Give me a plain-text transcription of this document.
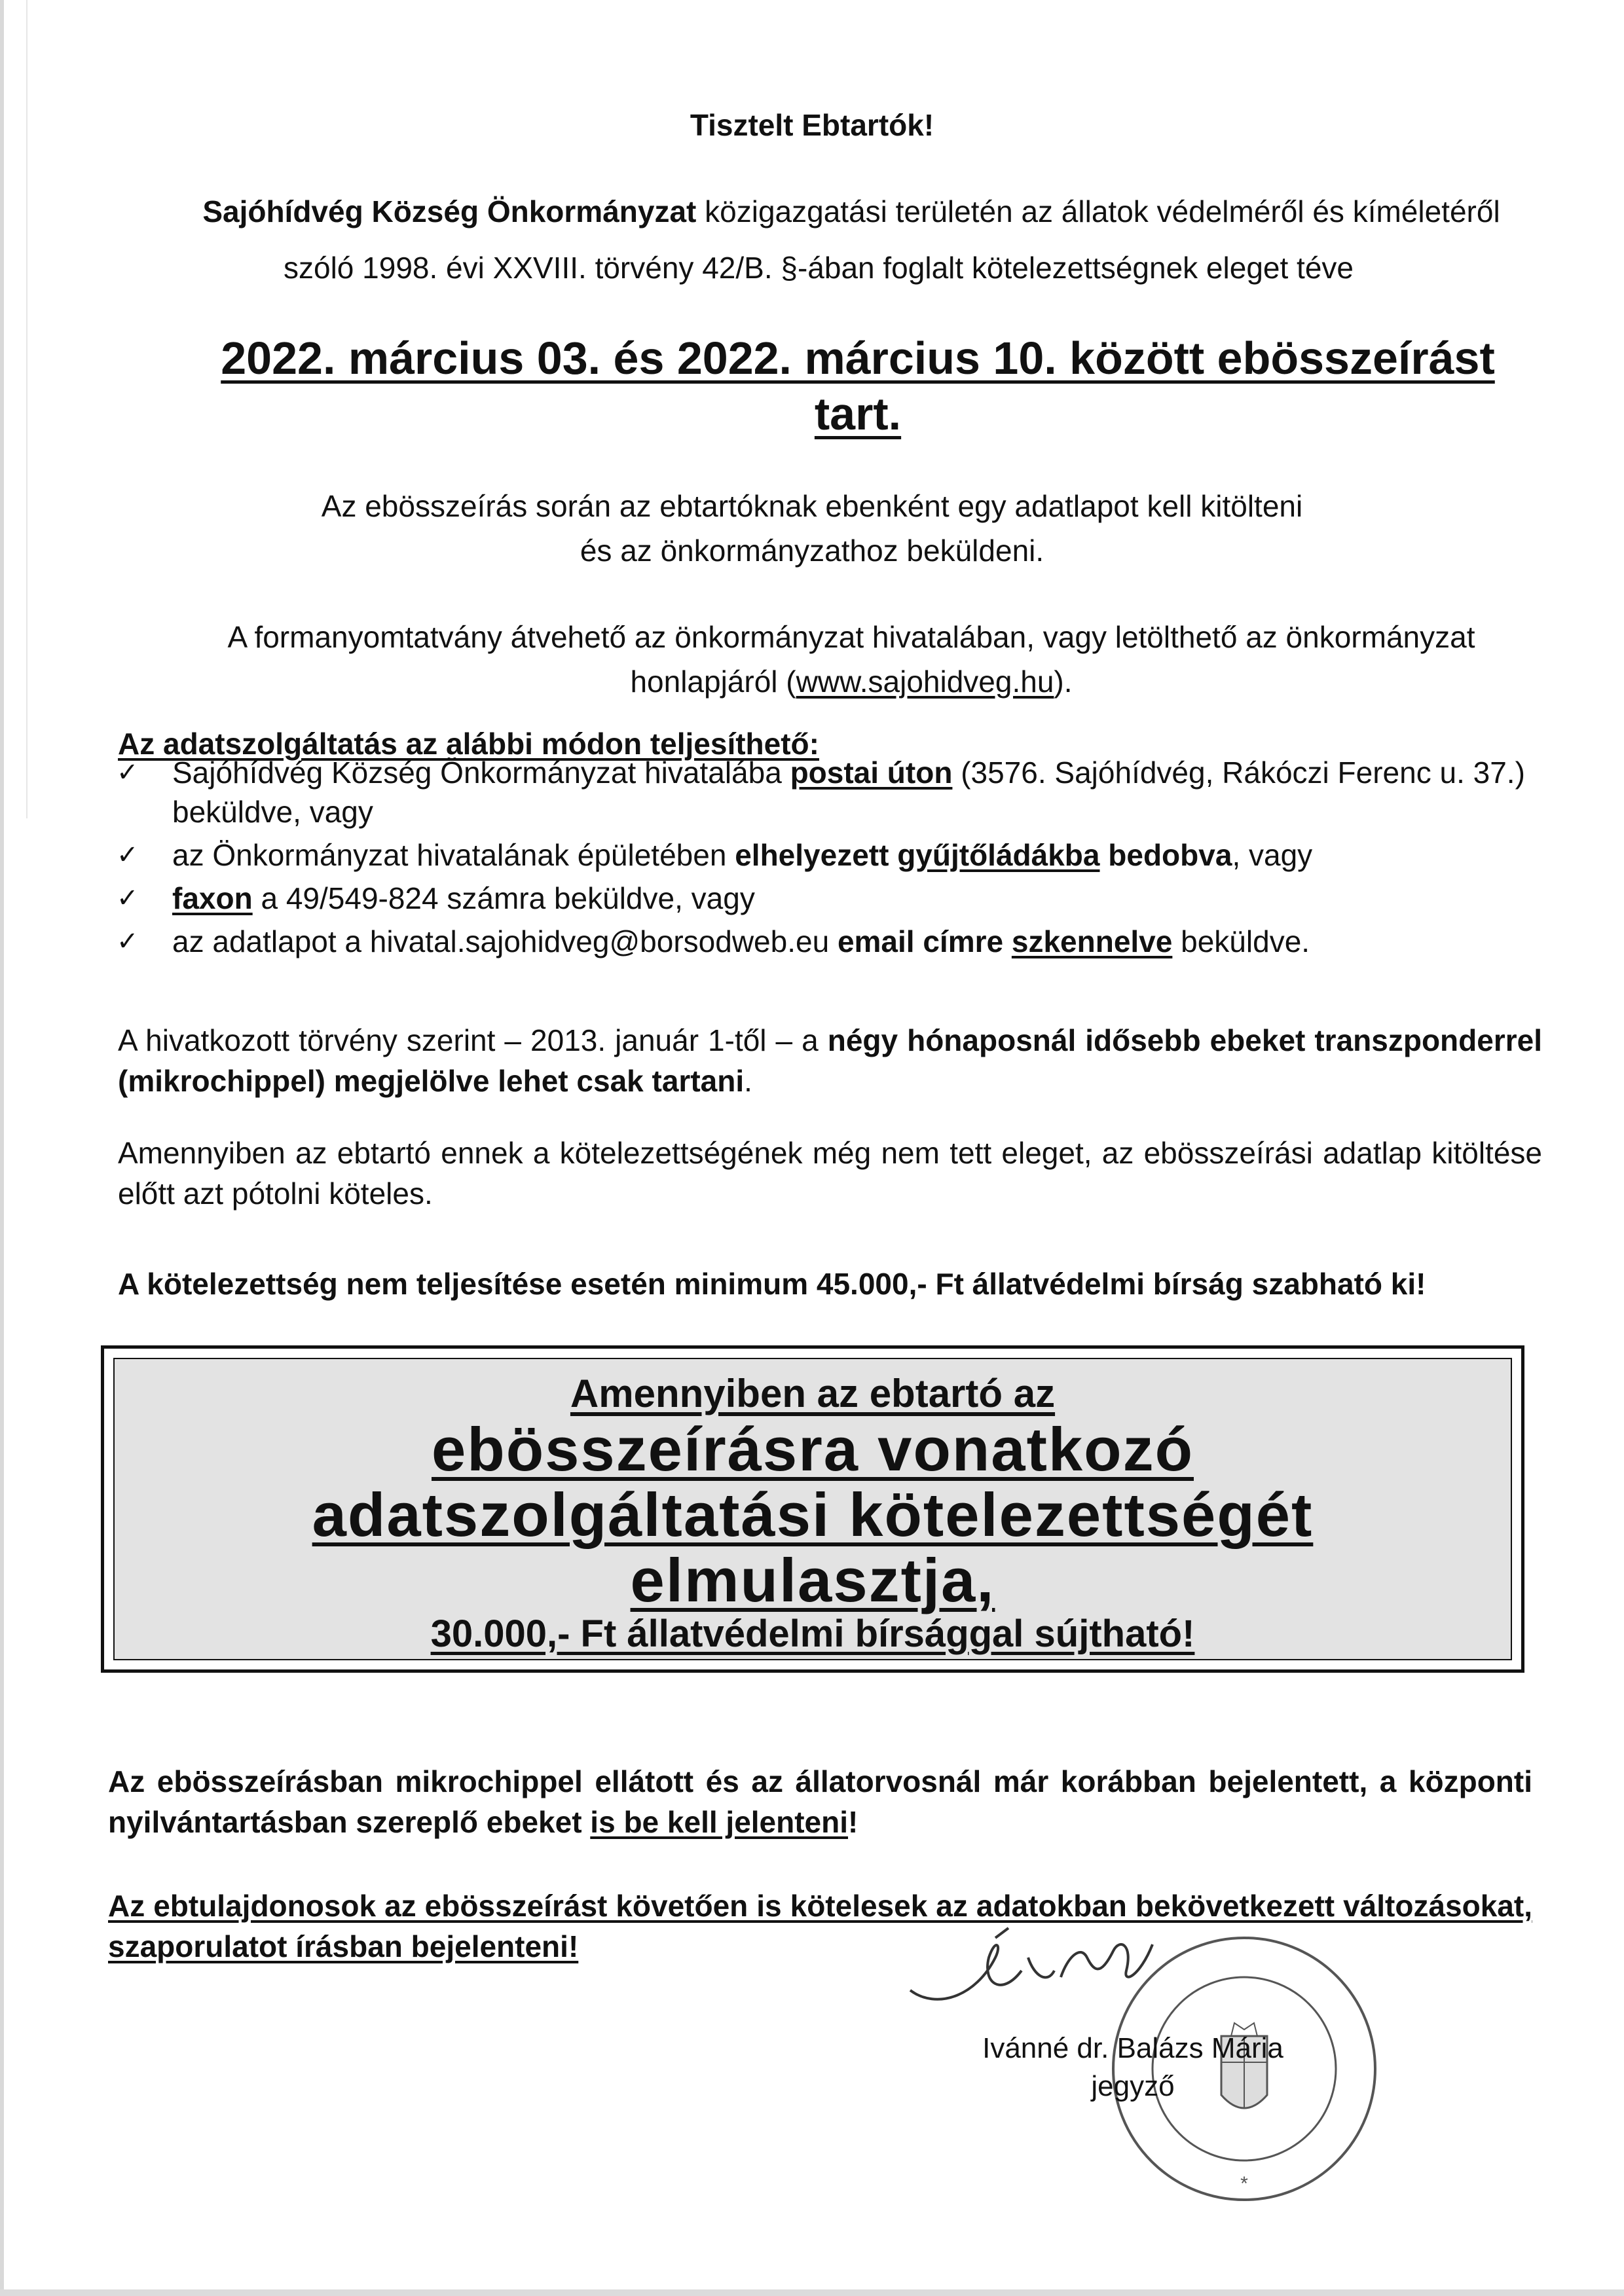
Tisztelt Ebtartók!

Sajóhídvég Község Önkormányzat közigazgatási területén az állatok védelméről és kíméletéről

szóló 1998. évi XXVIII. törvény 42/B. §-ában foglalt kötelezettségnek eleget téve

2022. március 03. és 2022. március 10. között ebösszeírást

tart.

Az ebösszeírás során az ebtartóknak ebenként egy adatlapot kell kitölteni

és az önkormányzathoz beküldeni.

A formanyomtatvány átvehető az önkormányzat hivatalában, vagy letölthető az önkormányzat

honlapjáról (www.sajohidveg.hu).

Az adatszolgáltatás az alábbi módon teljesíthető:

✓ Sajóhídvég Község Önkormányzat hivatalába postai úton (3576. Sajóhídvég, Rákóczi Ferenc u. 37.) beküldve, vagy
✓ az Önkormányzat hivatalának épületében elhelyezett gyűjtőládákba bedobva, vagy
✓ faxon a 49/549-824 számra beküldve, vagy
✓ az adatlapot a hivatal.sajohidveg@borsodweb.eu email címre szkennelve beküldve.

A hivatkozott törvény szerint – 2013. január 1-től – a négy hónaposnál idősebb ebeket transzponderrel (mikrochippel) megjelölve lehet csak tartani.

Amennyiben az ebtartó ennek a kötelezettségének még nem tett eleget, az ebösszeírási adatlap kitöltése előtt azt pótolni köteles.

A kötelezettség nem teljesítése esetén minimum 45.000,- Ft állatvédelmi bírság szabható ki!

Amennyiben az ebtartó az
ebösszeírásra vonatkozó
adatszolgáltatási kötelezettségét
elmulasztja,
30.000,- Ft állatvédelmi bírsággal sújtható!

Az ebösszeírásban mikrochippel ellátott és az állatorvosnál már korábban bejelentett, a központi nyilvántartásban szereplő ebeket is be kell jelenteni!

Az ebtulajdonosok az ebösszeírást követően is kötelesek az adatokban bekövetkezett változásokat, szaporulatot írásban bejelenteni!

*
Ivánné dr. Balázs Mária
jegyző
